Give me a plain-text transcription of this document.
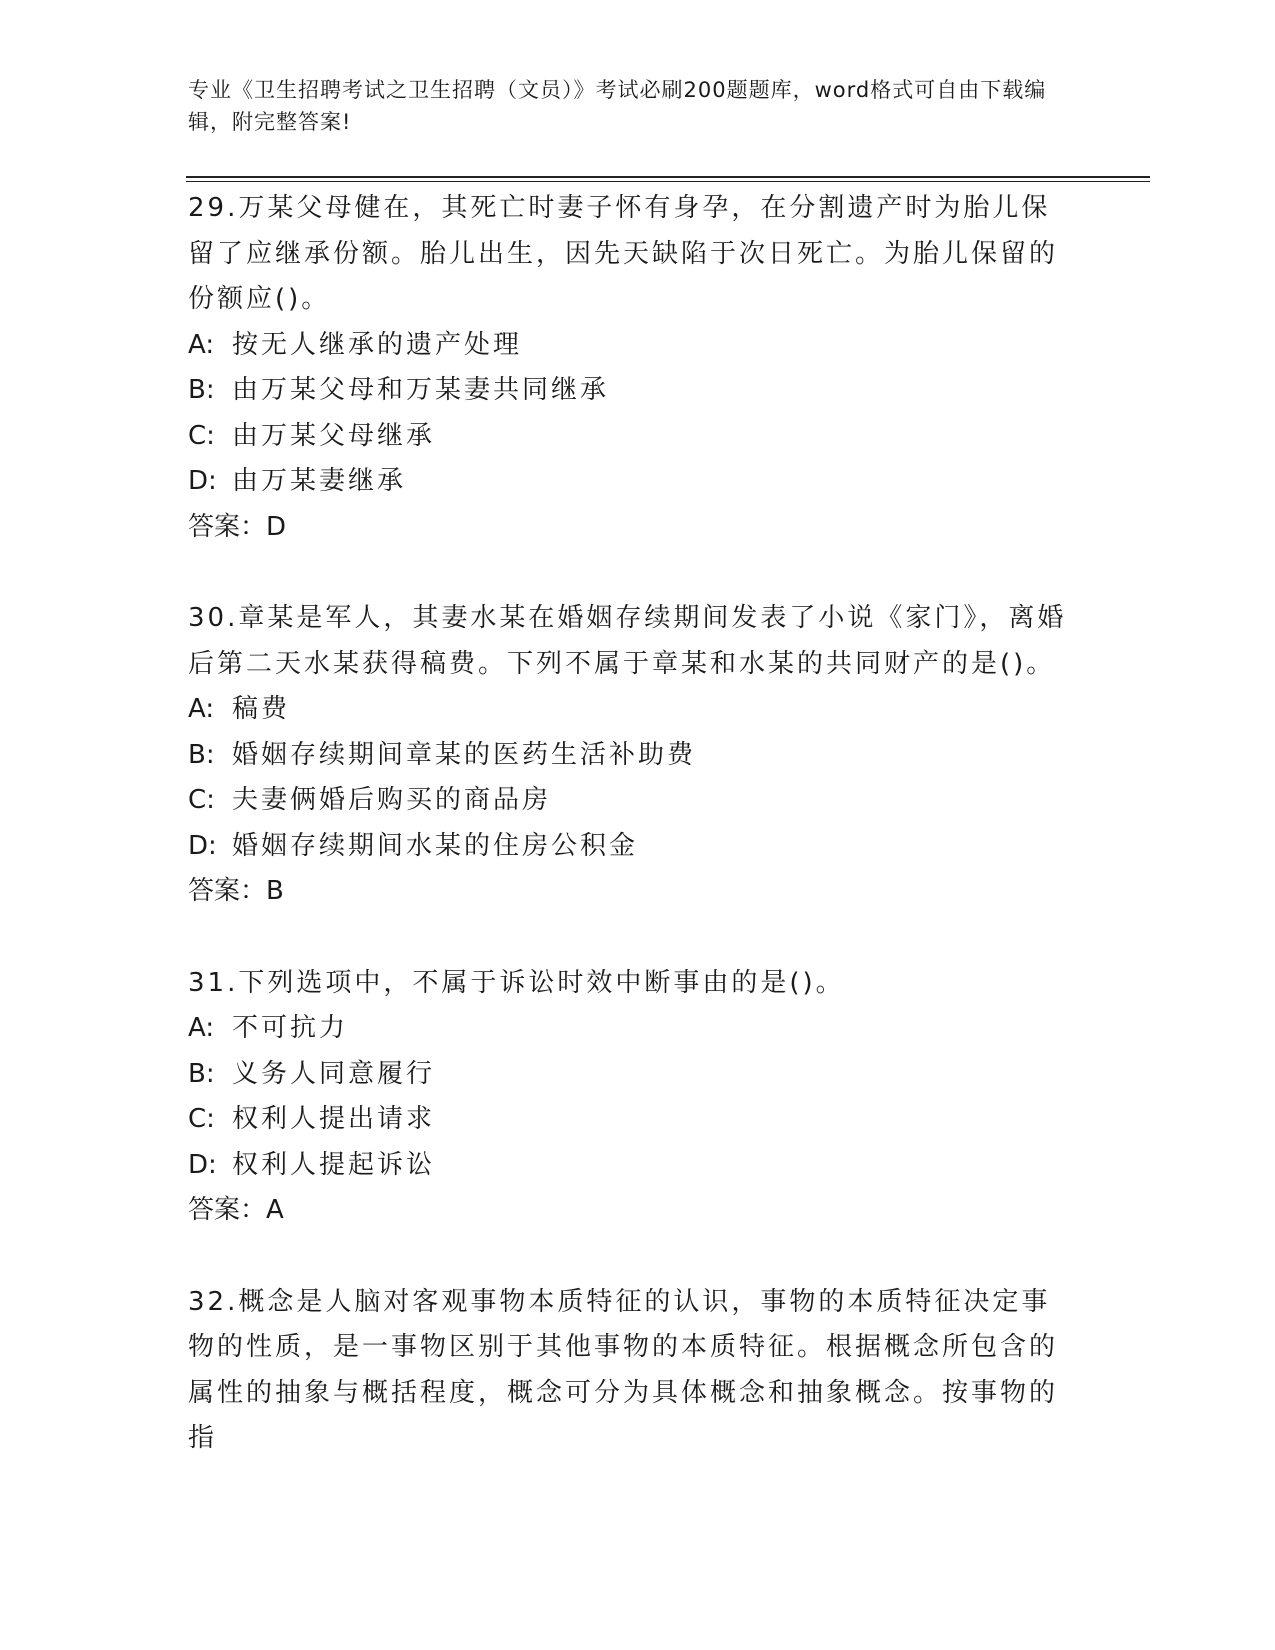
专业《卫生招聘考试之卫生招聘（文员）》考试必刷200题题库，word格式可自由下载编辑，附完整答案!
29.万某父母健在，其死亡时妻子怀有身孕，在分割遗产时为胎儿保留了应继承份额。胎儿出生，因先天缺陷于次日死亡。为胎儿保留的份额应()。
A: 按无人继承的遗产处理
B: 由万某父母和万某妻共同继承
C: 由万某父母继承
D: 由万某妻继承
答案：D
30.章某是军人，其妻水某在婚姻存续期间发表了小说《家门》，离婚后第二天水某获得稿费。下列不属于章某和水某的共同财产的是()。
A: 稿费
B: 婚姻存续期间章某的医药生活补助费
C: 夫妻俩婚后购买的商品房
D: 婚姻存续期间水某的住房公积金
答案：B
31.下列选项中，不属于诉讼时效中断事由的是()。
A: 不可抗力
B: 义务人同意履行
C: 权利人提出请求
D: 权利人提起诉讼
答案：A
32.概念是人脑对客观事物本质特征的认识，事物的本质特征决定事物的性质，是一事物区别于其他事物的本质特征。根据概念所包含的属性的抽象与概括程度，概念可分为具体概念和抽象概念。按事物的指
